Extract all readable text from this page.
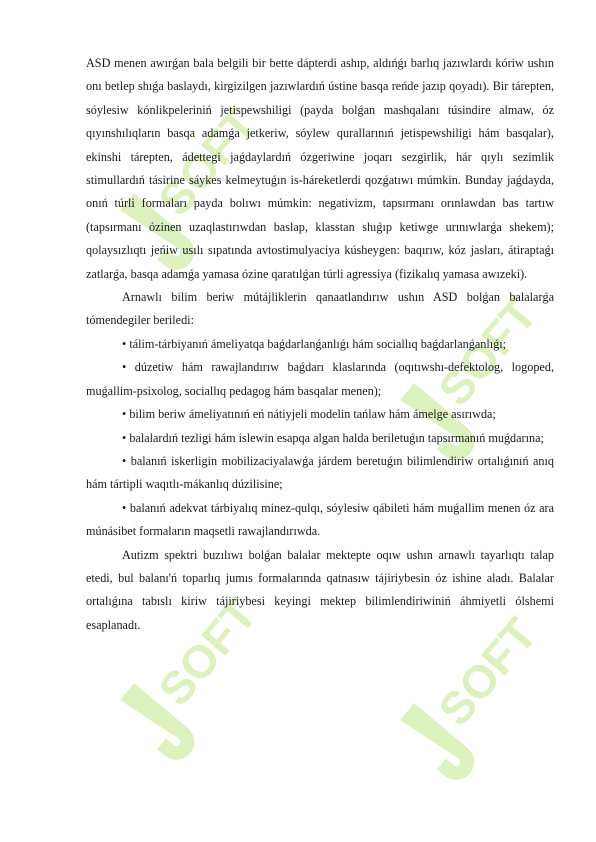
SOFT
SOFT
SOFT	SOFT

ASD menen awırǵan bala belgili bir bette dápterdi ashıp, aldıńǵı barlıq jazıwlardı kóriw ushın onı betlep shıǵa baslaydı, kirgizilgen jazıwlardıń ústine basqa reńde jazıp qoyadı). Bir tárepten, sóylesiw kónlikpeleriniń jetispewshiligi (payda bolǵan mashqalanı túsindire almaw, óz qıyınshılıqların basqa adamǵa jetkeriw, sóylew qurallarınıń jetispewshiligi hám basqalar), ekinshi tárepten, ádettegi jaǵdaylardıń ózgeriwine joqarı sezgirlik, hár qıylı sezimlik stimullardıń tásirine sáykes kelmeytuǵın is-háreketlerdi qozǵatıwı múmkin. Bunday jaǵdayda, onıń túrli formaları payda bolıwı múmkin: negativizm, tapsırmanı orınlawdan bas tartıw (tapsırmanı ózinen uzaqlastırıwdan baslap, klasstan shıǵıp ketiwge urınıwlarǵa shekem); qolaysızlıqtı jeńiw usılı sıpatında avtostimulyaciya kúsheygen: baqırıw, kóz jasları, átiraptaǵı zatlarǵa, basqa adamǵa yamasa ózine qaratılǵan túrli agressiya (fizikalıq yamasa awızeki).

Arnawlı bilim beriw mútájliklerin qanaatlandırıw ushın ASD bolǵan balalarǵa tómendegiler beriledi:

• tálim-tárbiyanıń ámeliyatqa baǵdarlanǵanlıǵı hám sociallıq baǵdarlanǵanlıǵı;

• dúzetiw hám rawajlandırıw baǵdarı klaslarında (oqıtıwshı-defektolog, logoped, muǵallim-psixolog, sociallıq pedagog hám basqalar menen);

• bilim beriw ámeliyatınıń eń nátiyjeli modelin tańlaw hám ámelge asırıwda;

• balalardıń tezligi hám islewin esapqa algan halda beriletuǵın tapsırmanıń muǵdarına;

• balanıń iskerligin mobilizaciyalawǵa járdem beretuǵın bilimlendiriw ortalıǵınıń anıq hám tártipli waqıtlı-mákanlıq dúzilisine;

• balanıń adekvat tárbiyalıq minez-qulqı, sóylesiw qábileti hám muǵallim menen óz ara múnásibet formaların maqsetli rawajlandırıwda.

Autizm spektri buzılıwı bolǵan balalar mektepte oqıw ushın arnawlı tayarlıqtı talap etedi, bul balanı'ń toparlıq jumıs formalarında qatnasıw tájiriybesin óz ishine aladı. Balalar ortalıǵına tabıslı kiriw tájiriybesi keyingi mektep bilimlendiriwiniń áhmiyetli ólshemi esaplanadı.
